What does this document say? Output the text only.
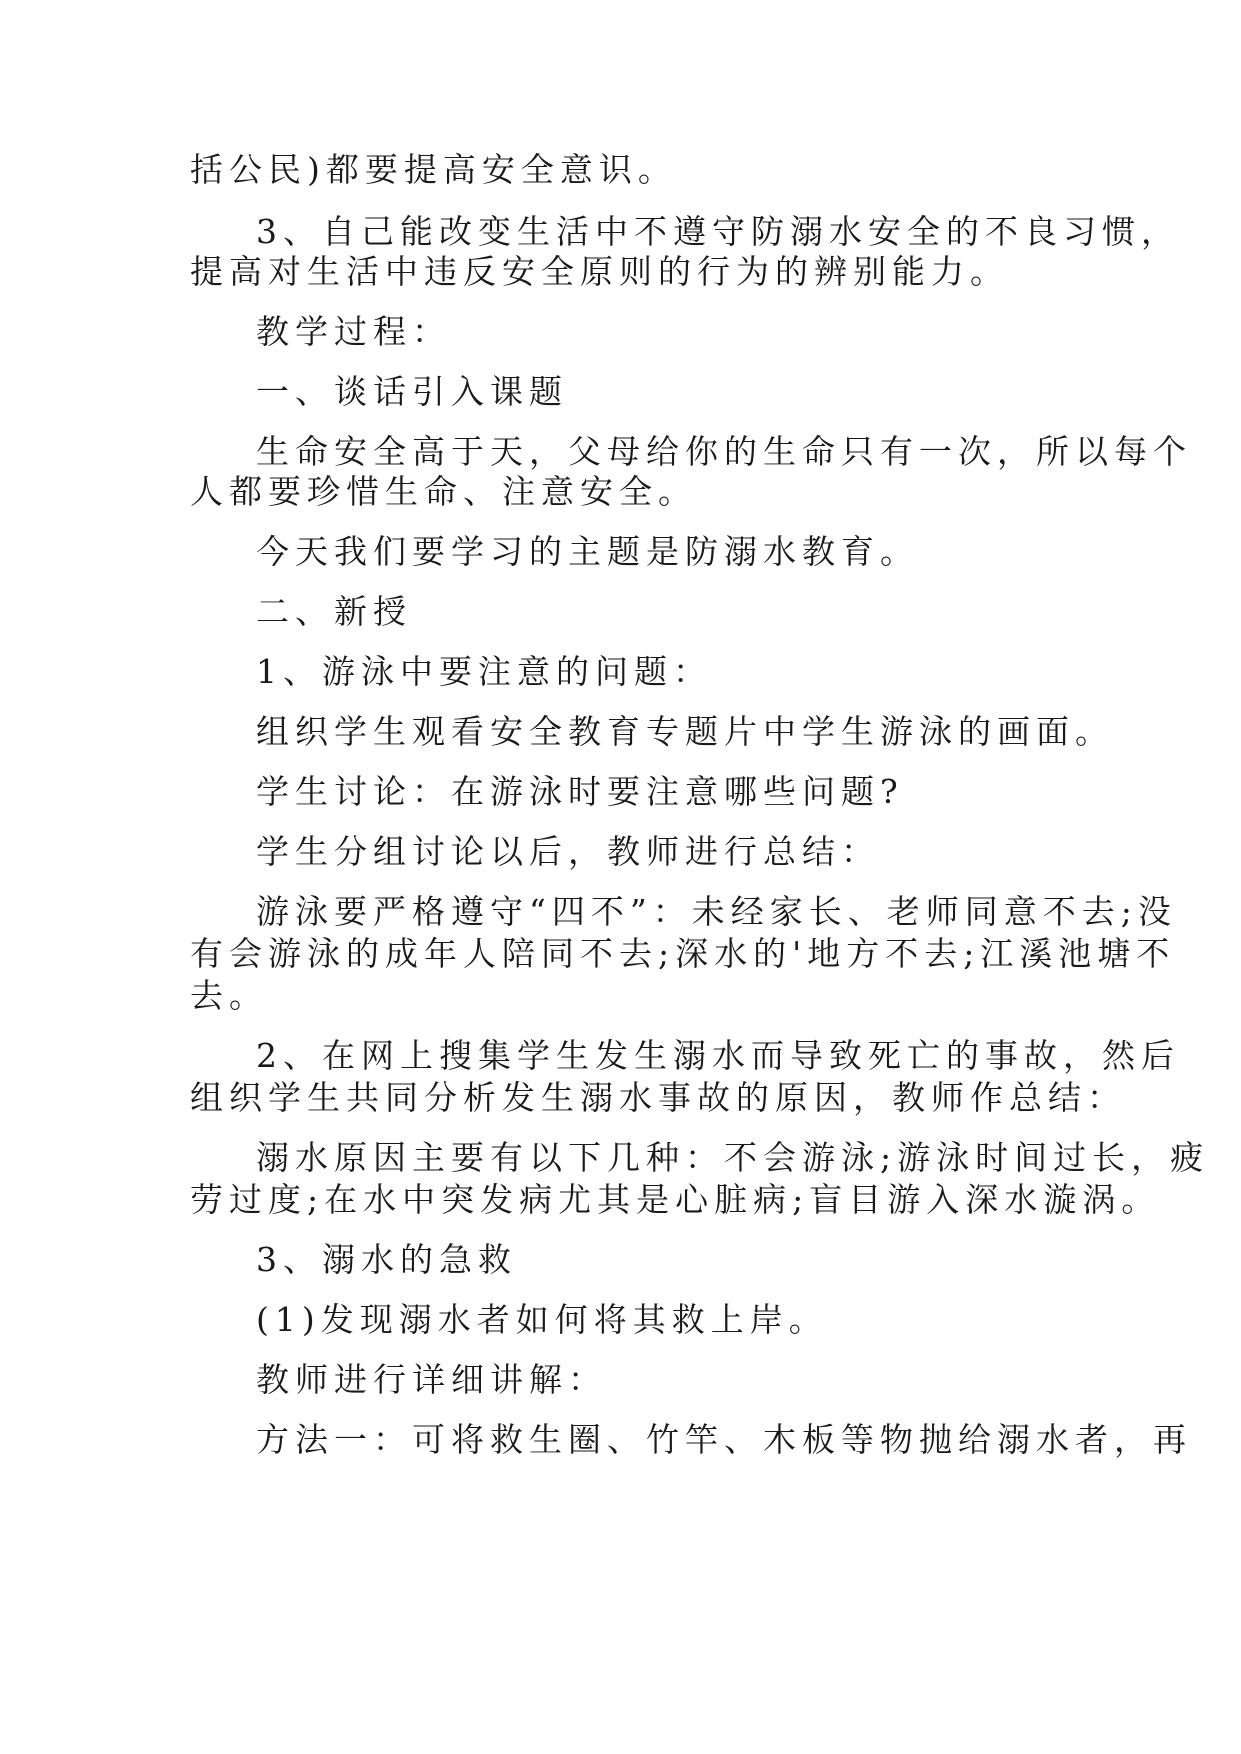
括公民)都要提高安全意识。
3、自己能改变生活中不遵守防溺水安全的不良习惯，
提高对生活中违反安全原则的行为的辨别能力。
教学过程：
一、谈话引入课题
生命安全高于天，父母给你的生命只有一次，所以每个
人都要珍惜生命、注意安全。
今天我们要学习的主题是防溺水教育。
二、新授
1、游泳中要注意的问题：
组织学生观看安全教育专题片中学生游泳的画面。
学生讨论：在游泳时要注意哪些问题?
学生分组讨论以后，教师进行总结：
游泳要严格遵守“四不”：未经家长、老师同意不去;没
有会游泳的成年人陪同不去;深水的'地方不去;江溪池塘不
去。
2、在网上搜集学生发生溺水而导致死亡的事故，然后
组织学生共同分析发生溺水事故的原因，教师作总结：
溺水原因主要有以下几种：不会游泳;游泳时间过长，疲
劳过度;在水中突发病尤其是心脏病;盲目游入深水漩涡。
3、溺水的急救
(1)发现溺水者如何将其救上岸。
教师进行详细讲解：
方法一：可将救生圈、竹竿、木板等物抛给溺水者，再
